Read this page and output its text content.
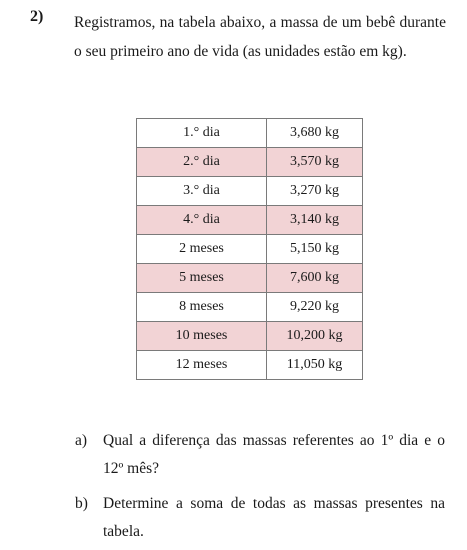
2) Registramos, na tabela abaixo, a massa de um bebê durante o seu primeiro ano de vida (as unidades estão em kg).
1.° dia	3,680 kg
2.° dia	3,570 kg
3.° dia	3,270 kg
4.° dia	3,140 kg
2 meses	5,150 kg
5 meses	7,600 kg
8 meses	9,220 kg
10 meses	10,200 kg
12 meses	11,050 kg
a)	Qual a diferença das massas referentes ao 1º dia e o 12º mês?
b) Determine a soma de todas as massas presentes na tabela.
